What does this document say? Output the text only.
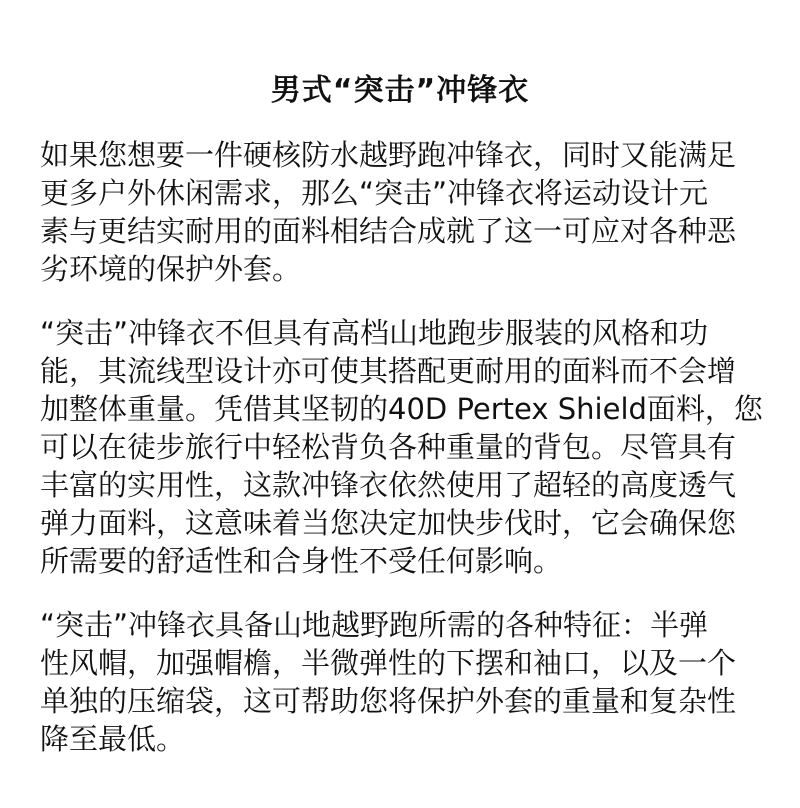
男式“突击”冲锋衣

如果您想要一件硬核防水越野跑冲锋衣，同时又能满足
更多户外休闲需求，那么“突击”冲锋衣将运动设计元
素与更结实耐用的面料相结合成就了这一可应对各种恶
劣环境的保护外套。

“突击”冲锋衣不但具有高档山地跑步服装的风格和功
能，其流线型设计亦可使其搭配更耐用的面料而不会增
加整体重量。凭借其坚韧的40D Pertex Shield面料，您
可以在徒步旅行中轻松背负各种重量的背包。尽管具有
丰富的实用性，这款冲锋衣依然使用了超轻的高度透气
弹力面料，这意味着当您决定加快步伐时，它会确保您
所需要的舒适性和合身性不受任何影响。

“突击”冲锋衣具备山地越野跑所需的各种特征：半弹
性风帽，加强帽檐，半微弹性的下摆和袖口，以及一个
单独的压缩袋，这可帮助您将保护外套的重量和复杂性
降至最低。
